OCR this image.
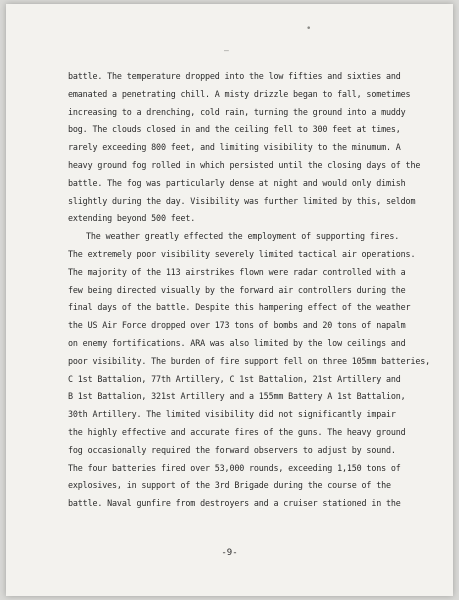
•
–
battle. The temperature dropped into the low fifties and sixties and
emanated a penetrating chill. A misty drizzle began to fall, sometimes
increasing to a drenching, cold rain, turning the ground into a muddy
bog. The clouds closed in and the ceiling fell to 300 feet at times,
rarely exceeding 800 feet, and limiting visibility to the minumum. A
heavy ground fog rolled in which persisted until the closing days of the
battle. The fog was particularly dense at night and would only dimish
slightly during the day. Visibility was further limited by this, seldom
extending beyond 500 feet.
The weather greatly effected the employment of supporting fires.
The extremely poor visibility severely limited tactical air operations.
The majority of the 113 airstrikes flown were radar controlled with a
few being directed visually by the forward air controllers during the
final days of the battle. Despite this hampering effect of the weather
the US Air Force dropped over 173 tons of bombs and 20 tons of napalm
on enemy fortifications. ARA was also limited by the low ceilings and
poor visibility. The burden of fire support fell on three 105mm batteries,
C 1st Battalion, 77th Artillery, C 1st Battalion, 21st Artillery and
B 1st Battalion, 321st Artillery and a 155mm Battery A 1st Battalion,
30th Artillery. The limited visibility did not significantly impair
the highly effective and accurate fires of the guns. The heavy ground
fog occasionally required the forward observers to adjust by sound.
The four batteries fired over 53,000 rounds, exceeding 1,150 tons of
explosives, in support of the 3rd Brigade during the course of the
battle. Naval gunfire from destroyers and a cruiser stationed in the
-9-
